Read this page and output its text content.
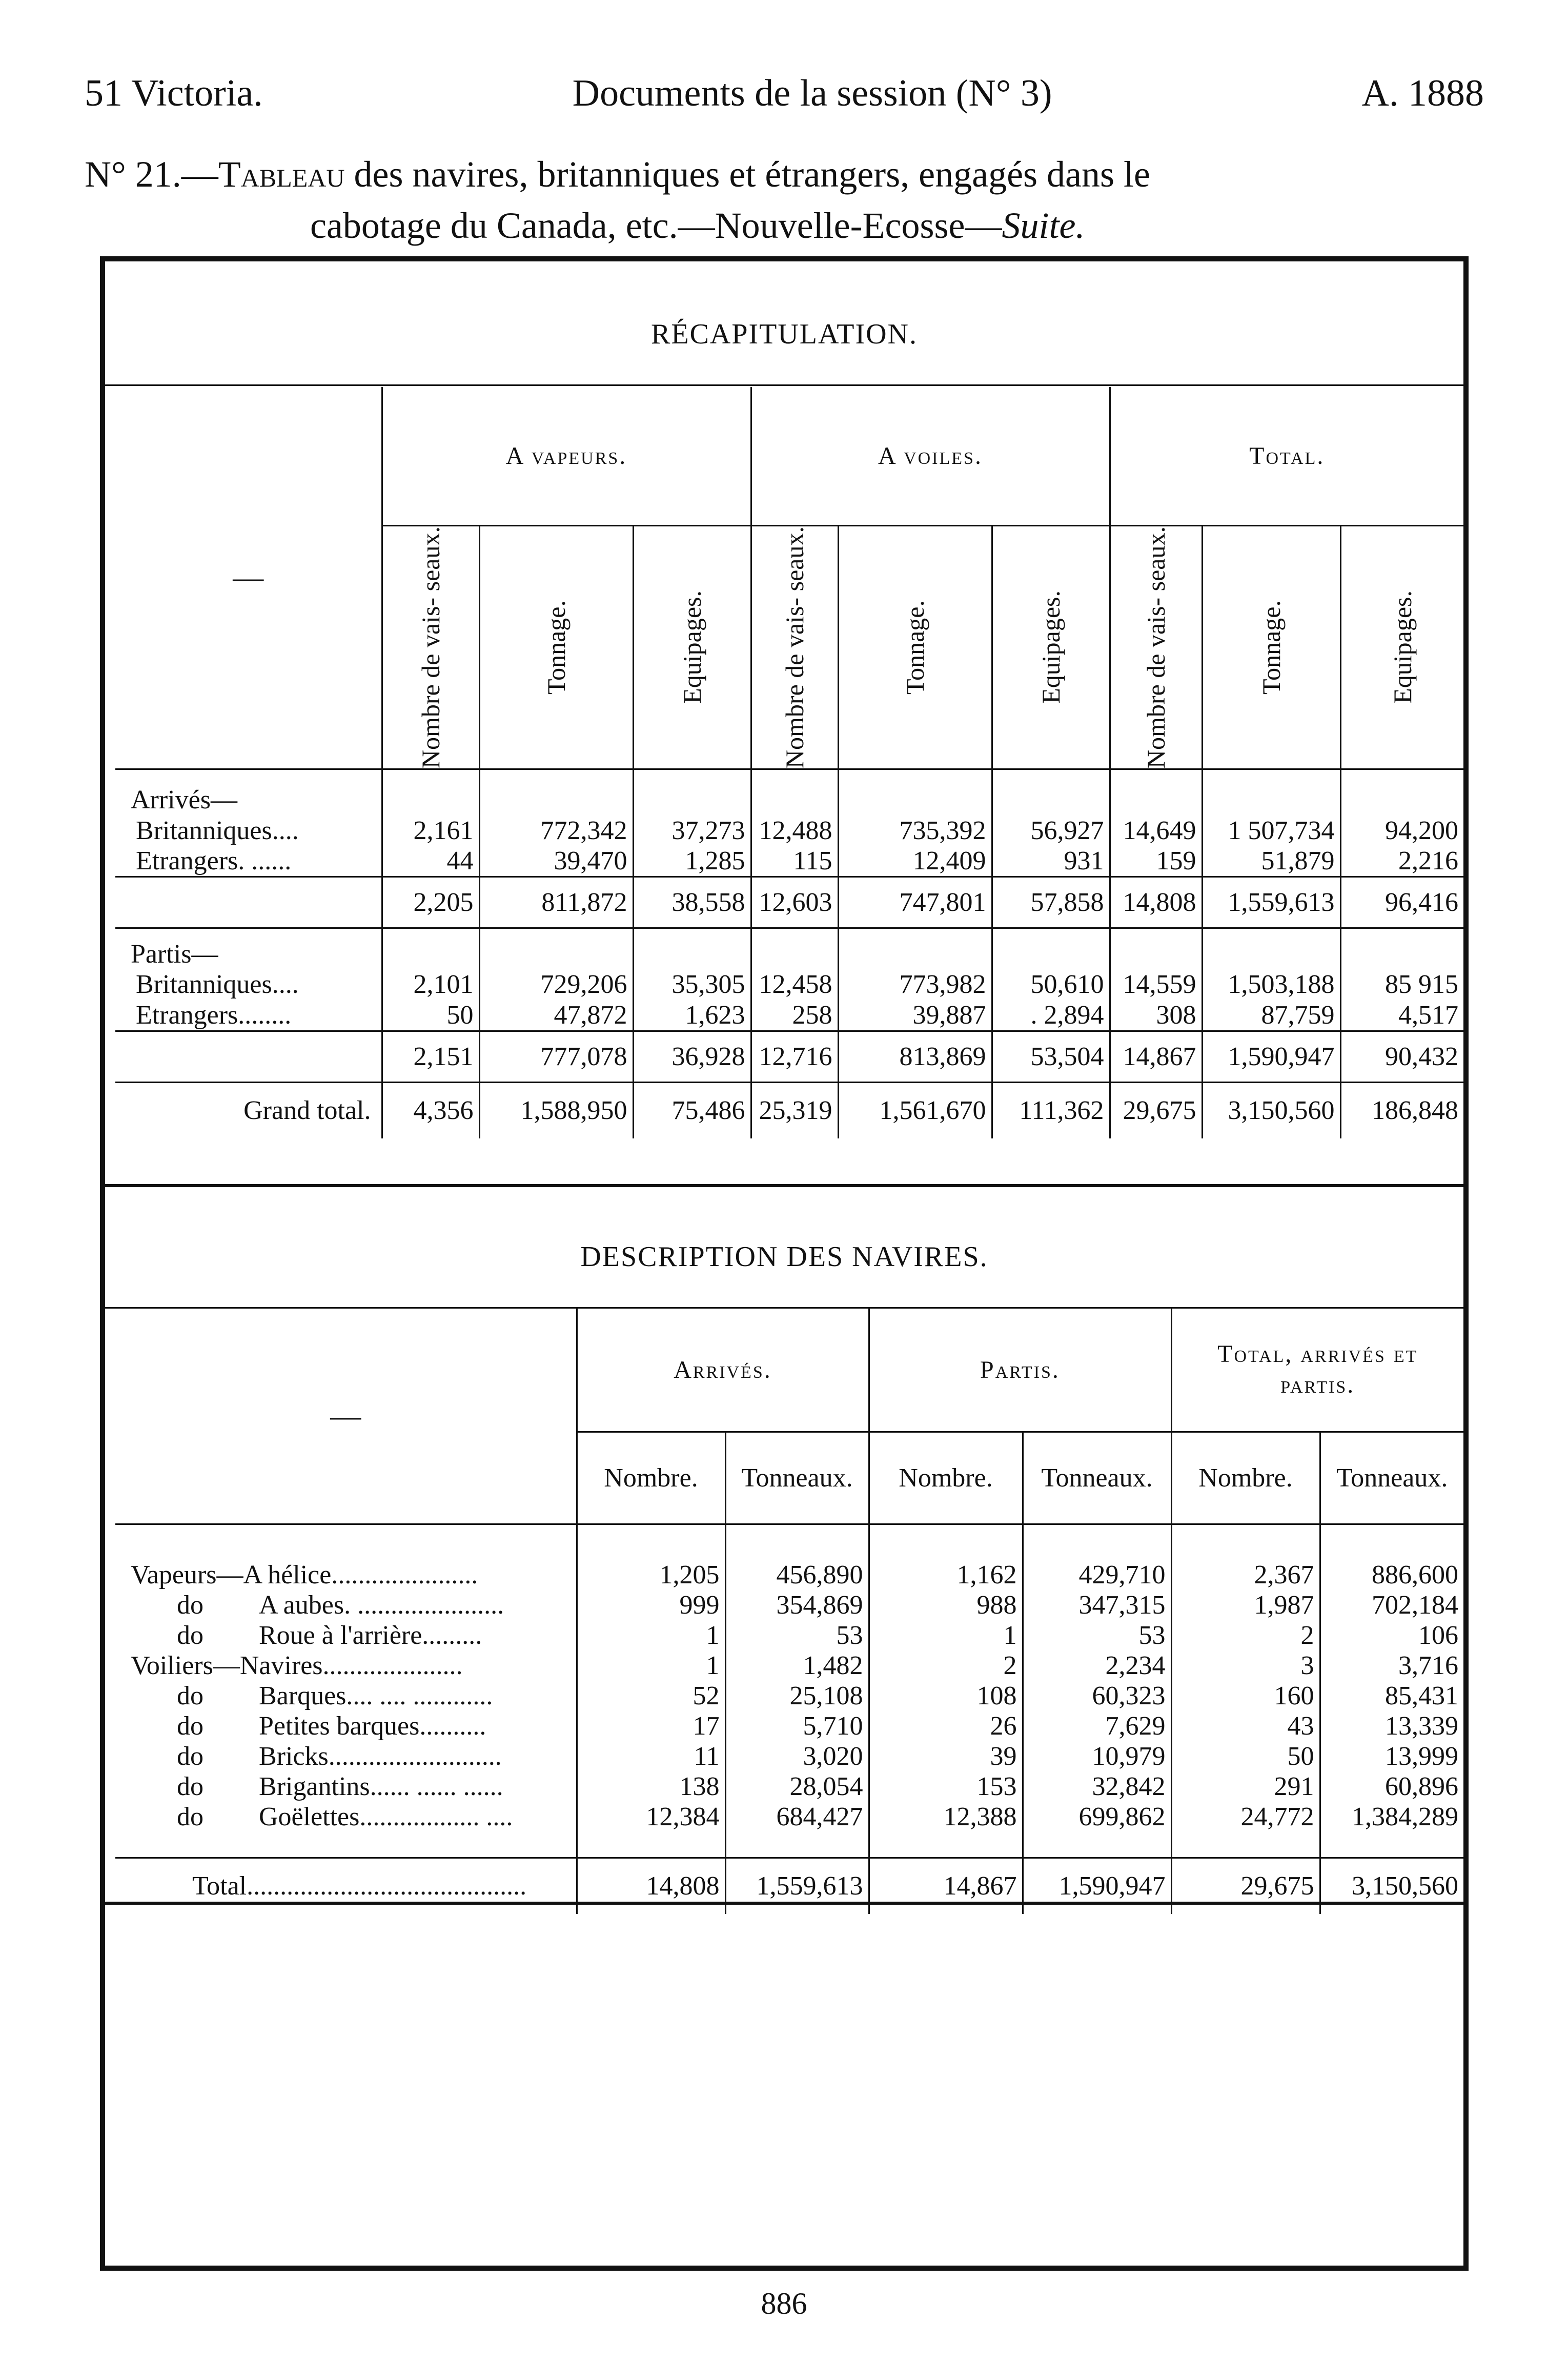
51 Victoria.	Documents de la session (N° 3)	A. 1888
N° 21.—Tableau des navires, britanniques et étrangers, engagés dans le
cabotage du Canada, etc.—Nouvelle-Ecosse—Suite.
RÉCAPITULATION.
—	A vapeurs.			A voiles.			Total.		

	Nombre de vais- seaux.	Tonnage.	Equipages.	Nombre de vais- seaux.	Tonnage.	Equipages.	Nombre de vais- seaux.	Tonnage.	Equipages.

Arrivés—									
Britanniques....	2,161	772,342	37,273	12,488	735,392	56,927	14,649	1 507,734	94,200
Etrangers. ......	44	39,470	1,285	115	12,409	931	159	51,879	2,216
	2,205	811,872	38,558	12,603	747,801	57,858	14,808	1,559,613	96,416
Partis—									
Britanniques....	2,101	729,206	35,305	12,458	773,982	50,610	14,559	1,503,188	85 915
Etrangers........	50	47,872	1,623	258	39,887	. 2,894	308	87,759	4,517
	2,151	777,078	36,928	12,716	813,869	53,504	14,867	1,590,947	90,432
Grand total.	4,356	1,588,950	75,486	25,319	1,561,670	111,362	29,675	3,150,560	186,848
DESCRIPTION DES NAVIRES.
—	Arrivés.		Partis.		Total, arrivés et partis.	
	Nombre.	Tonneaux.	Nombre.	Tonneaux.	Nombre.	Tonneaux.

Vapeurs—A hélice......................	1,205	456,890	1,162	429,710	2,367	886,600
do A aubes. ......................	999	354,869	988	347,315	1,987	702,184
do Roue à l'arrière.........	1	53	1	53	2	106
Voiliers—Navires.....................	1	1,482	2	2,234	3	3,716
do Barques.... .... ............	52	25,108	108	60,323	160	85,431
do Petites barques..........	17	5,710	26	7,629	43	13,339
do Bricks..........................	11	3,020	39	10,979	50	13,999
do Brigantins...... ...... ......	138	28,054	153	32,842	291	60,896
do Goëlettes.................. ....	12,384	684,427	12,388	699,862	24,772	1,384,289

Total..........................................	14,808	1,559,613	14,867	1,590,947	29,675	3,150,560
886
